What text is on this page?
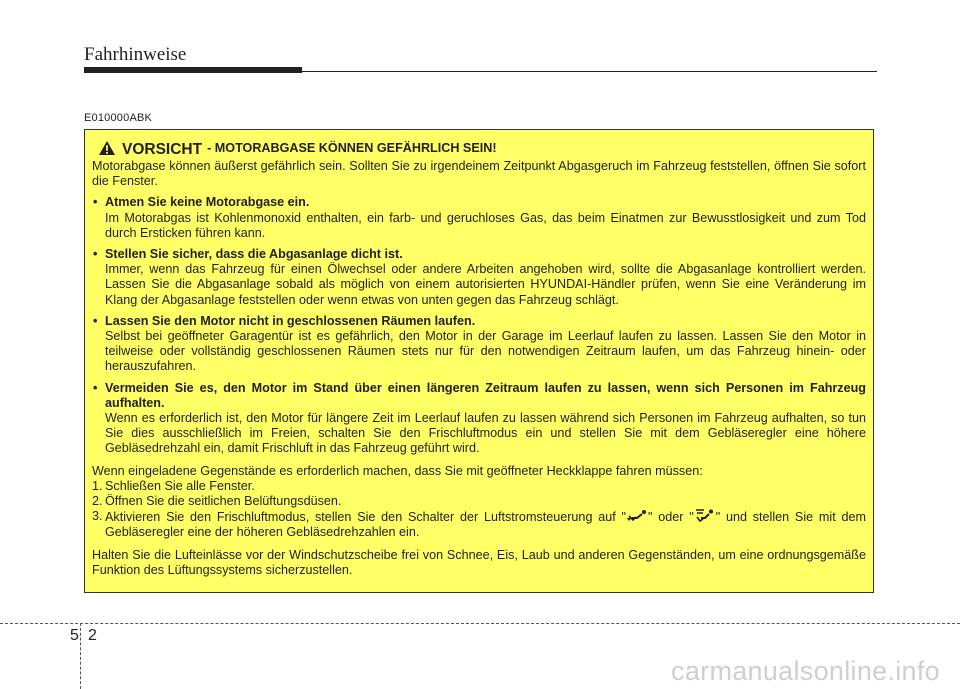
Fahrhinweise
E010000ABK
VORSICHT - MOTORABGASE KÖNNEN GEFÄHRLICH SEIN!

Motorabgase können äußerst gefährlich sein. Sollten Sie zu irgendeinem Zeitpunkt Abgasgeruch im Fahrzeug feststellen, öffnen Sie sofort die Fenster.

• Atmen Sie keine Motorabgase ein.

Im Motorabgas ist Kohlenmonoxid enthalten, ein farb- und geruchloses Gas, das beim Einatmen zur Bewusstlosigkeit und zum Tod durch Ersticken führen kann.

• Stellen Sie sicher, dass die Abgasanlage dicht ist.

Immer, wenn das Fahrzeug für einen Ölwechsel oder andere Arbeiten angehoben wird, sollte die Abgasanlage kontrolliert werden. Lassen Sie die Abgasanlage sobald als möglich von einem autorisierten HYUNDAI-Händler prüfen, wenn Sie eine Veränderung im Klang der Abgasanlage feststellen oder wenn etwas von unten gegen das Fahrzeug schlägt.

• Lassen Sie den Motor nicht in geschlossenen Räumen laufen.

Selbst bei geöffneter Garagentür ist es gefährlich, den Motor in der Garage im Leerlauf laufen zu lassen. Lassen Sie den Motor in teilweise oder vollständig geschlossenen Räumen stets nur für den notwendigen Zeitraum laufen, um das Fahrzeug hinein- oder herauszufahren.

• Vermeiden Sie es, den Motor im Stand über einen längeren Zeitraum laufen zu lassen, wenn sich Personen im Fahrzeug aufhalten.

Wenn es erforderlich ist, den Motor für längere Zeit im Leerlauf laufen zu lassen während sich Personen im Fahrzeug aufhalten, so tun Sie dies ausschließlich im Freien, schalten Sie den Frischluftmodus ein und stellen Sie mit dem Gebläseregler eine höhere Gebläsedrehzahl ein, damit Frischluft in das Fahrzeug geführt wird.

Wenn eingeladene Gegenstände es erforderlich machen, dass Sie mit geöffneter Heckklappe fahren müssen:

1. Schließen Sie alle Fenster.
2. Öffnen Sie die seitlichen Belüftungsdüsen.
3. Aktivieren Sie den Frischluftmodus, stellen Sie den Schalter der Luftstromsteuerung auf " " oder " " und stellen Sie mit dem Gebläseregler eine der höheren Gebläsedrehzahlen ein.

Halten Sie die Lufteinlässe vor der Windschutzscheibe frei von Schnee, Eis, Laub und anderen Gegenständen, um eine ordnungsgemäße Funktion des Lüftungssystems sicherzustellen.

5 2
carmanualsonline.info
